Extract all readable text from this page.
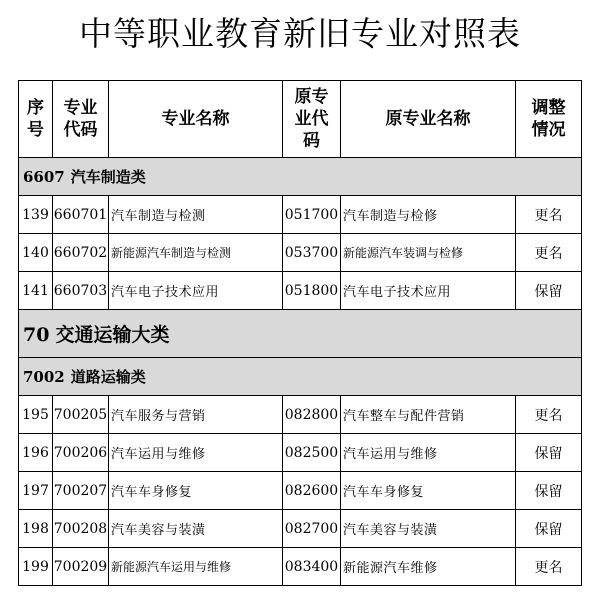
中等职业教育新旧专业对照表
序号	专业代码	专业名称	原专业代码	原专业名称	调整情况
6607 汽车制造类					
139	660701	汽车制造与检测	051700	汽车制造与检修	更名
140	660702	新能源汽车制造与检测	053700	新能源汽车装调与检修	更名
141	660703	汽车电子技术应用	051800	汽车电子技术应用	保留
70 交通运输大类					
7002 道路运输类					
195	700205	汽车服务与营销	082800	汽车整车与配件营销	更名
196	700206	汽车运用与维修	082500	汽车运用与维修	保留
197	700207	汽车车身修复	082600	汽车车身修复	保留
198	700208	汽车美容与装潢	082700	汽车美容与装潢	保留
199	700209	新能源汽车运用与维修	083400	新能源汽车维修	更名
